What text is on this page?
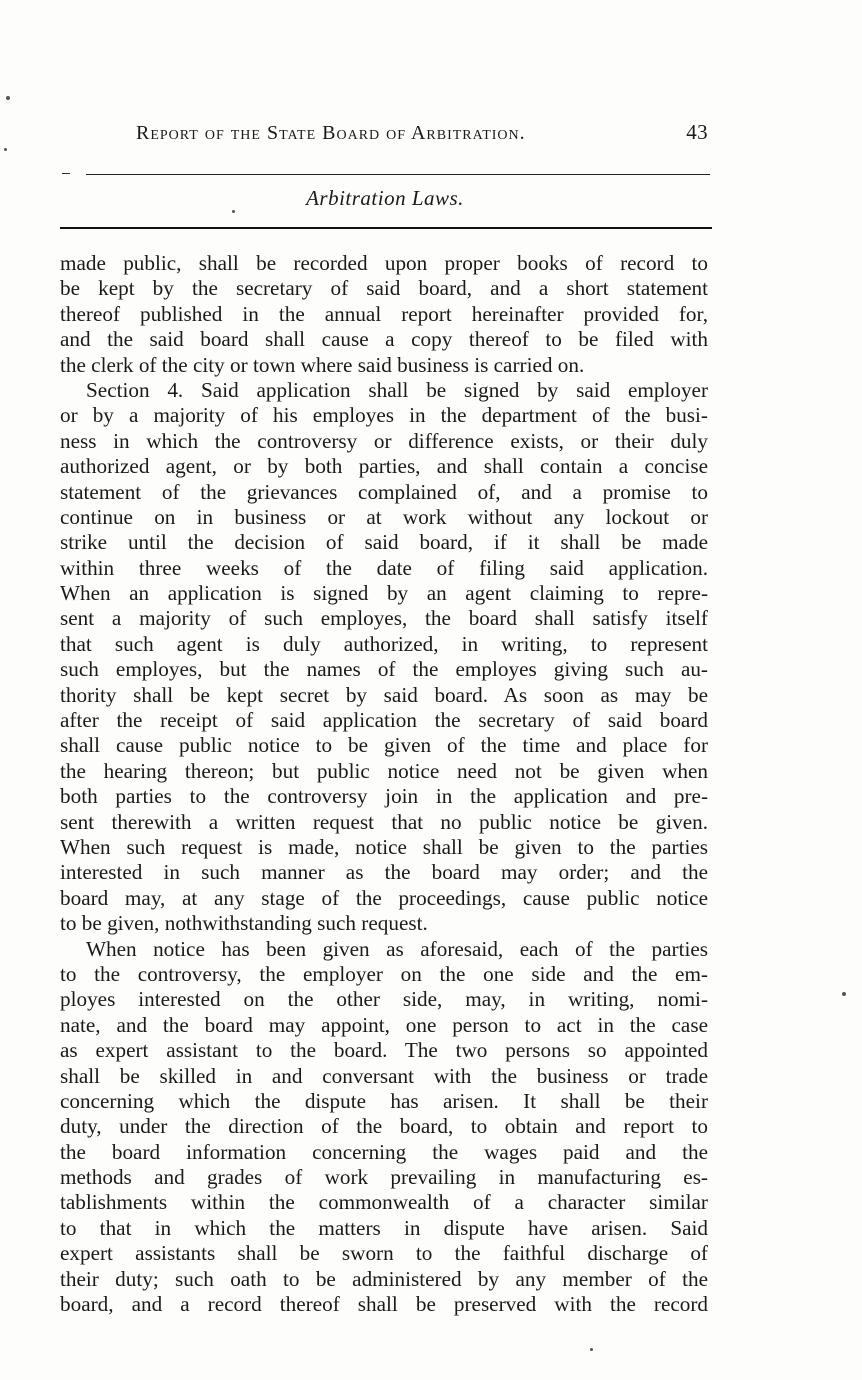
Report of the State Board of Arbitration.	43
Arbitration Laws.
made public, shall be recorded upon proper books of record to
be kept by the secretary of said board, and a short statement
thereof published in the annual report hereinafter provided for,
and the said board shall cause a copy thereof to be filed with
the clerk of the city or town where said business is carried on.
Section 4. Said application shall be signed by said employer
or by a majority of his employes in the department of the busi-
ness in which the controversy or difference exists, or their duly
authorized agent, or by both parties, and shall contain a concise
statement of the grievances complained of, and a promise to
continue on in business or at work without any lockout or
strike until the decision of said board, if it shall be made
within three weeks of the date of filing said application.
When an application is signed by an agent claiming to repre-
sent a majority of such employes, the board shall satisfy itself
that such agent is duly authorized, in writing, to represent
such employes, but the names of the employes giving such au-
thority shall be kept secret by said board. As soon as may be
after the receipt of said application the secretary of said board
shall cause public notice to be given of the time and place for
the hearing thereon; but public notice need not be given when
both parties to the controversy join in the application and pre-
sent therewith a written request that no public notice be given.
When such request is made, notice shall be given to the parties
interested in such manner as the board may order; and the
board may, at any stage of the proceedings, cause public notice
to be given, nothwithstanding such request.
When notice has been given as aforesaid, each of the parties
to the controversy, the employer on the one side and the em-
ployes interested on the other side, may, in writing, nomi-
nate, and the board may appoint, one person to act in the case
as expert assistant to the board. The two persons so appointed
shall be skilled in and conversant with the business or trade
concerning which the dispute has arisen. It shall be their
duty, under the direction of the board, to obtain and report to
the board information concerning the wages paid and the
methods and grades of work prevailing in manufacturing es-
tablishments within the commonwealth of a character similar
to that in which the matters in dispute have arisen. Said
expert assistants shall be sworn to the faithful discharge of
their duty; such oath to be administered by any member of the
board, and a record thereof shall be preserved with the record
